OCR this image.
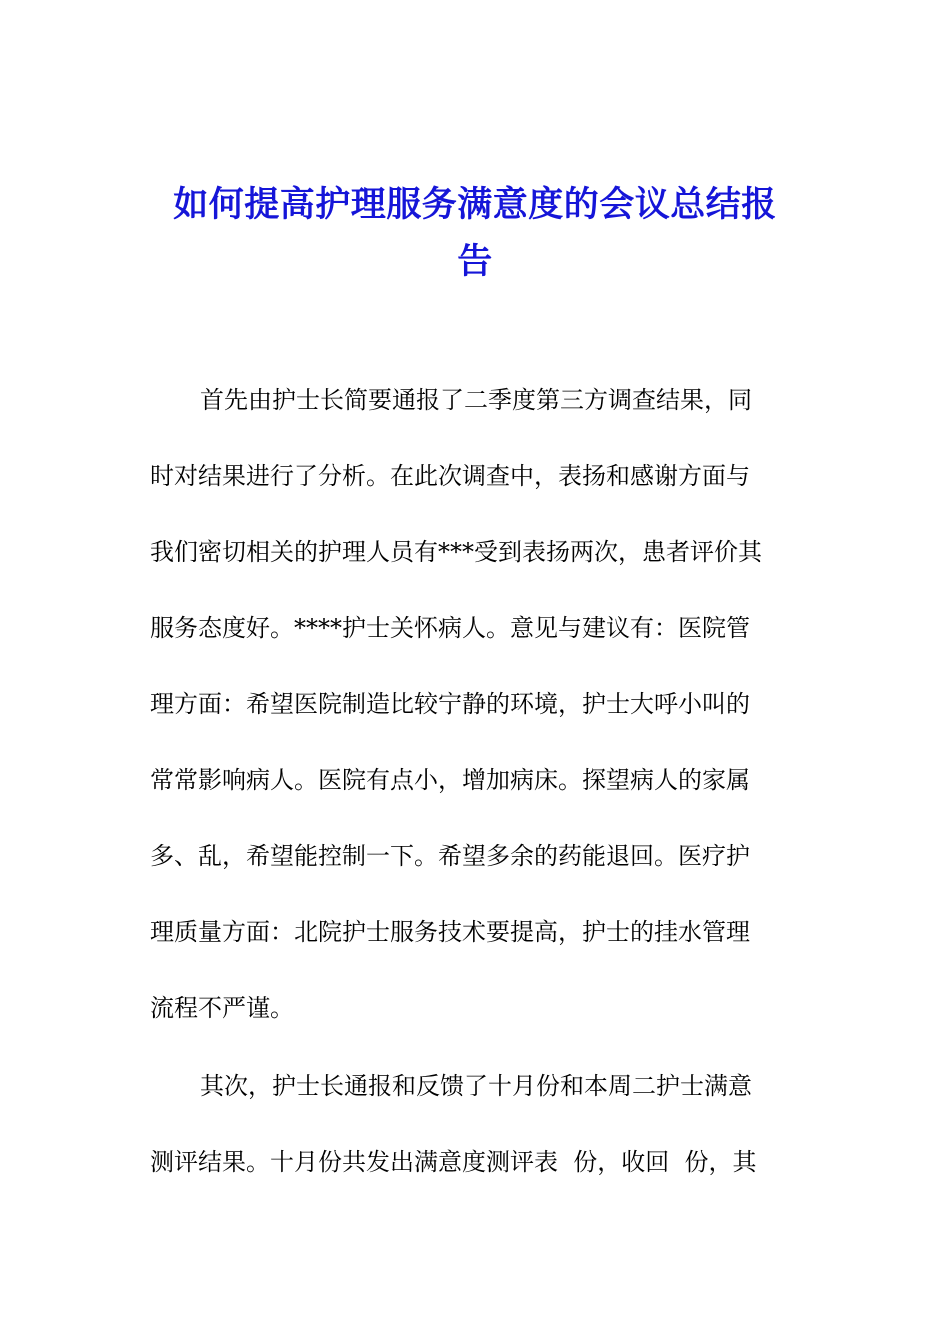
如何提高护理服务满意度的会议总结报
告
首先由护士长简要通报了二季度第三方调查结果，同
时对结果进行了分析。在此次调查中，表扬和感谢方面与
我们密切相关的护理人员有***受到表扬两次，患者评价其
服务态度好。****护士关怀病人。意见与建议有：医院管
理方面：希望医院制造比较宁静的环境，护士大呼小叫的
常常影响病人。医院有点小，增加病床。探望病人的家属
多、乱，希望能控制一下。希望多余的药能退回。医疗护
理质量方面：北院护士服务技术要提高，护士的挂水管理
流程不严谨。
其次，护士长通报和反馈了十月份和本周二护士满意
测评结果。十月份共发出满意度测评表  份，收回  份，其
